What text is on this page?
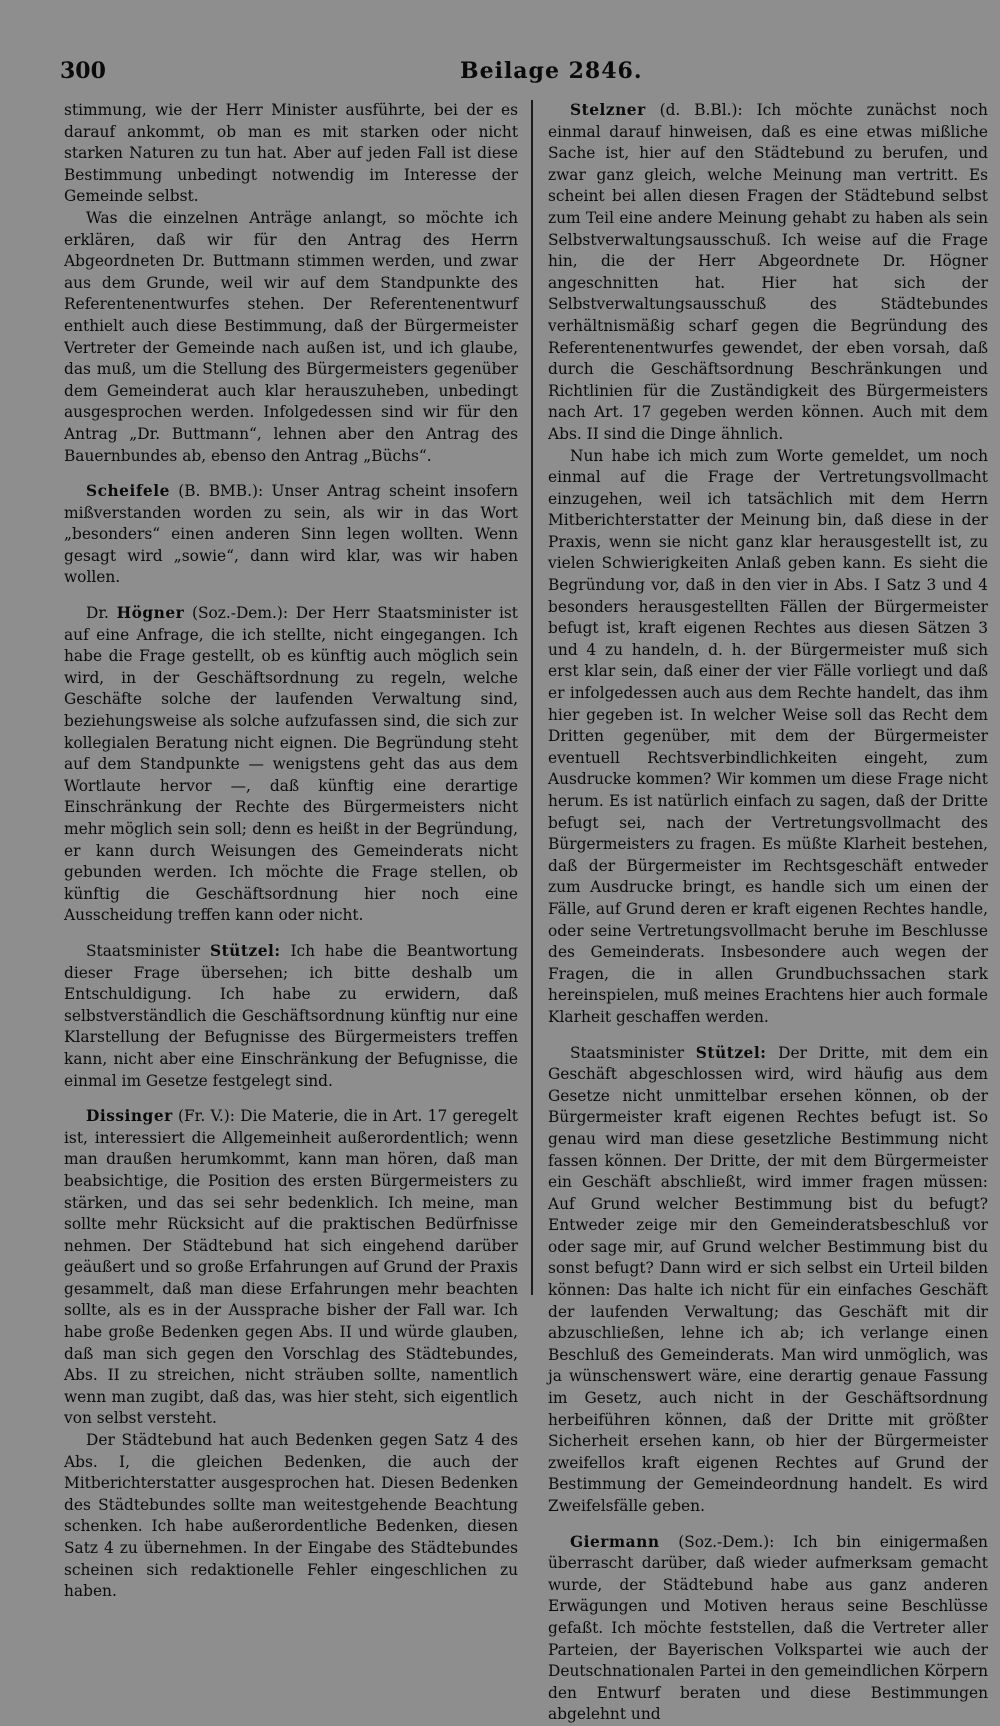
300	Beilage 2846.

stimmung, wie der Herr Minister ausführte, bei der es darauf ankommt, ob man es mit starken oder nicht starken Naturen zu tun hat. Aber auf jeden Fall ist diese Bestimmung unbedingt notwendig im Interesse der Gemeinde selbst.

Was die einzelnen Anträge anlangt, so möchte ich erklären, daß wir für den Antrag des Herrn Abgeordneten Dr. Buttmann stimmen werden, und zwar aus dem Grunde, weil wir auf dem Standpunkte des Referentenentwurfes stehen. Der Referentenentwurf enthielt auch diese Bestimmung, daß der Bürgermeister Vertreter der Gemeinde nach außen ist, und ich glaube, das muß, um die Stellung des Bürgermeisters gegenüber dem Gemeinderat auch klar herauszuheben, unbedingt ausgesprochen werden. Infolgedessen sind wir für den Antrag „Dr. Buttmann“, lehnen aber den Antrag des Bauernbundes ab, ebenso den Antrag „Büchs“.

Scheifele (B. BMB.): Unser Antrag scheint insofern mißverstanden worden zu sein, als wir in das Wort „besonders“ einen anderen Sinn legen wollten. Wenn gesagt wird „sowie“, dann wird klar, was wir haben wollen.

Dr. Högner (Soz.-Dem.): Der Herr Staatsminister ist auf eine Anfrage, die ich stellte, nicht eingegangen. Ich habe die Frage gestellt, ob es künftig auch möglich sein wird, in der Geschäftsordnung zu regeln, welche Geschäfte solche der laufenden Verwaltung sind, beziehungsweise als solche aufzufassen sind, die sich zur kollegialen Beratung nicht eignen. Die Begründung steht auf dem Standpunkte — wenigstens geht das aus dem Wortlaute hervor —, daß künftig eine derartige Einschränkung der Rechte des Bürgermeisters nicht mehr möglich sein soll; denn es heißt in der Begründung, er kann durch Weisungen des Gemeinderats nicht gebunden werden. Ich möchte die Frage stellen, ob künftig die Geschäftsordnung hier noch eine Ausscheidung treffen kann oder nicht.

Staatsminister Stützel: Ich habe die Beantwortung dieser Frage übersehen; ich bitte deshalb um Entschuldigung. Ich habe zu erwidern, daß selbstverständlich die Geschäftsordnung künftig nur eine Klarstellung der Befugnisse des Bürgermeisters treffen kann, nicht aber eine Einschränkung der Befugnisse, die einmal im Gesetze festgelegt sind.

Dissinger (Fr. V.): Die Materie, die in Art. 17 geregelt ist, interessiert die Allgemeinheit außerordentlich; wenn man draußen herumkommt, kann man hören, daß man beabsichtige, die Position des ersten Bürgermeisters zu stärken, und das sei sehr bedenklich. Ich meine, man sollte mehr Rücksicht auf die praktischen Bedürfnisse nehmen. Der Städtebund hat sich eingehend darüber geäußert und so große Erfahrungen auf Grund der Praxis gesammelt, daß man diese Erfahrungen mehr beachten sollte, als es in der Aussprache bisher der Fall war. Ich habe große Bedenken gegen Abs. II und würde glauben, daß man sich gegen den Vorschlag des Städtebundes, Abs. II zu streichen, nicht sträuben sollte, namentlich wenn man zugibt, daß das, was hier steht, sich eigentlich von selbst versteht.

Der Städtebund hat auch Bedenken gegen Satz 4 des Abs. I, die gleichen Bedenken, die auch der Mitberichterstatter ausgesprochen hat. Diesen Bedenken des Städtebundes sollte man weitestgehende Beachtung schenken. Ich habe außerordentliche Bedenken, diesen Satz 4 zu übernehmen. In der Eingabe des Städtebundes scheinen sich redaktionelle Fehler eingeschlichen zu haben.

Stelzner (d. B.Bl.): Ich möchte zunächst noch einmal darauf hinweisen, daß es eine etwas mißliche Sache ist, hier auf den Städtebund zu berufen, und zwar ganz gleich, welche Meinung man vertritt. Es scheint bei allen diesen Fragen der Städtebund selbst zum Teil eine andere Meinung gehabt zu haben als sein Selbstverwaltungsausschuß. Ich weise auf die Frage hin, die der Herr Abgeordnete Dr. Högner angeschnitten hat. Hier hat sich der Selbstverwaltungsausschuß des Städtebundes verhältnismäßig scharf gegen die Begründung des Referentenentwurfes gewendet, der eben vorsah, daß durch die Geschäftsordnung Beschränkungen und Richtlinien für die Zuständigkeit des Bürgermeisters nach Art. 17 gegeben werden können. Auch mit dem Abs. II sind die Dinge ähnlich.

Nun habe ich mich zum Worte gemeldet, um noch einmal auf die Frage der Vertretungsvollmacht einzugehen, weil ich tatsächlich mit dem Herrn Mitberichterstatter der Meinung bin, daß diese in der Praxis, wenn sie nicht ganz klar herausgestellt ist, zu vielen Schwierigkeiten Anlaß geben kann. Es sieht die Begründung vor, daß in den vier in Abs. I Satz 3 und 4 besonders herausgestellten Fällen der Bürgermeister befugt ist, kraft eigenen Rechtes aus diesen Sätzen 3 und 4 zu handeln, d. h. der Bürgermeister muß sich erst klar sein, daß einer der vier Fälle vorliegt und daß er infolgedessen auch aus dem Rechte handelt, das ihm hier gegeben ist. In welcher Weise soll das Recht dem Dritten gegenüber, mit dem der Bürgermeister eventuell Rechtsverbindlichkeiten eingeht, zum Ausdrucke kommen? Wir kommen um diese Frage nicht herum. Es ist natürlich einfach zu sagen, daß der Dritte befugt sei, nach der Vertretungsvollmacht des Bürgermeisters zu fragen. Es müßte Klarheit bestehen, daß der Bürgermeister im Rechtsgeschäft entweder zum Ausdrucke bringt, es handle sich um einen der Fälle, auf Grund deren er kraft eigenen Rechtes handle, oder seine Vertretungsvollmacht beruhe im Beschlusse des Gemeinderats. Insbesondere auch wegen der Fragen, die in allen Grundbuchssachen stark hereinspielen, muß meines Erachtens hier auch formale Klarheit geschaffen werden.

Staatsminister Stützel: Der Dritte, mit dem ein Geschäft abgeschlossen wird, wird häufig aus dem Gesetze nicht unmittelbar ersehen können, ob der Bürgermeister kraft eigenen Rechtes befugt ist. So genau wird man diese gesetzliche Bestimmung nicht fassen können. Der Dritte, der mit dem Bürgermeister ein Geschäft abschließt, wird immer fragen müssen: Auf Grund welcher Bestimmung bist du befugt? Entweder zeige mir den Gemeinderatsbeschluß vor oder sage mir, auf Grund welcher Bestimmung bist du sonst befugt? Dann wird er sich selbst ein Urteil bilden können: Das halte ich nicht für ein einfaches Geschäft der laufenden Verwaltung; das Geschäft mit dir abzuschließen, lehne ich ab; ich verlange einen Beschluß des Gemeinderats. Man wird unmöglich, was ja wünschenswert wäre, eine derartig genaue Fassung im Gesetz, auch nicht in der Geschäftsordnung herbeiführen können, daß der Dritte mit größter Sicherheit ersehen kann, ob hier der Bürgermeister zweifellos kraft eigenen Rechtes auf Grund der Bestimmung der Gemeindeordnung handelt. Es wird Zweifelsfälle geben.

Giermann (Soz.-Dem.): Ich bin einigermaßen überrascht darüber, daß wieder aufmerksam gemacht wurde, der Städtebund habe aus ganz anderen Erwägungen und Motiven heraus seine Beschlüsse gefaßt. Ich möchte feststellen, daß die Vertreter aller Parteien, der Bayerischen Volkspartei wie auch der Deutschnationalen Partei in den gemeindlichen Körpern den Entwurf beraten und diese Bestimmungen abgelehnt und
